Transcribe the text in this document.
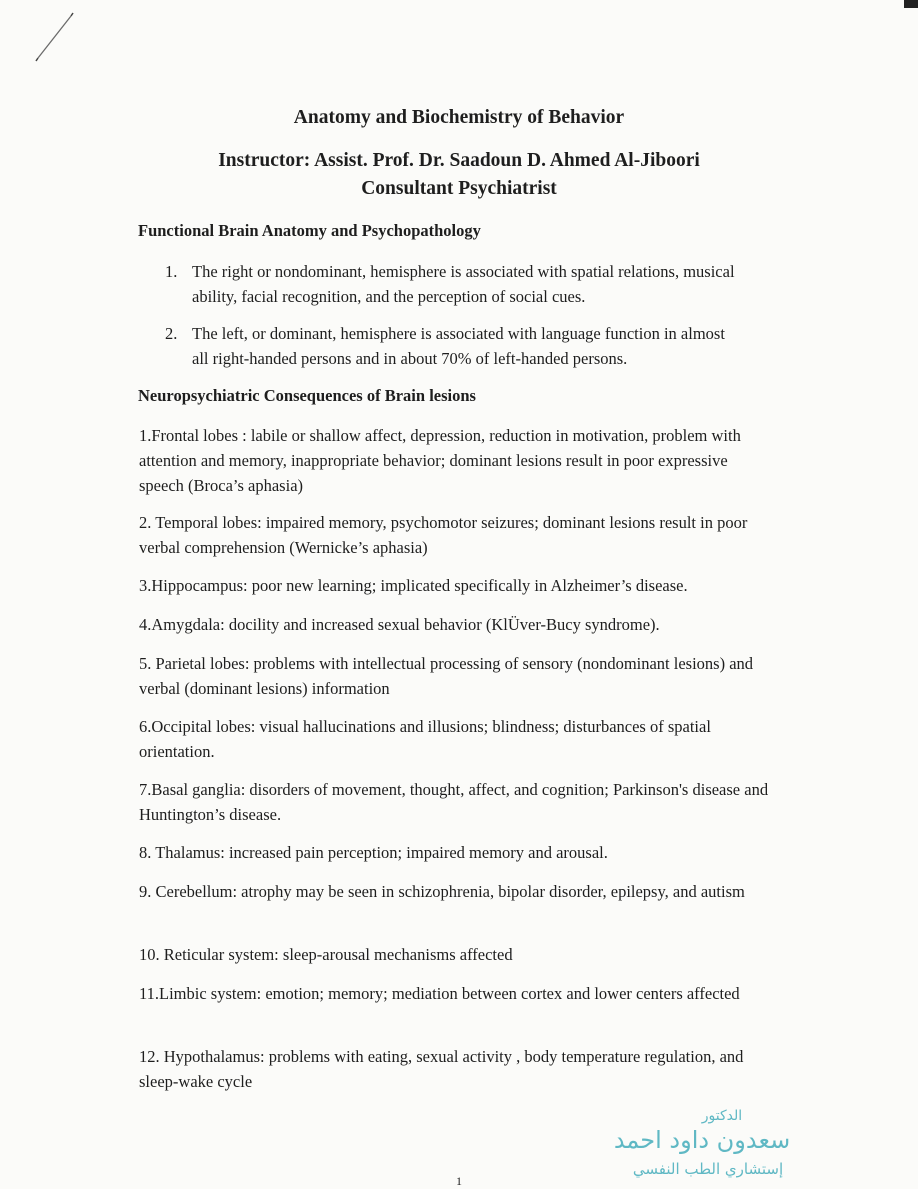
Anatomy and Biochemistry of Behavior
Instructor: Assist. Prof. Dr. Saadoun D. Ahmed Al-Jiboori
Consultant Psychiatrist
Functional Brain Anatomy and Psychopathology
1. The right or nondominant, hemisphere is associated with spatial relations, musical ability, facial recognition, and the perception of social cues.
2. The left, or dominant, hemisphere is associated with language function in almost all right-handed persons and in about 70% of left-handed persons.
Neuropsychiatric Consequences of Brain lesions

1.Frontal lobes : labile or shallow affect, depression, reduction in motivation, problem with attention and memory, inappropriate behavior; dominant lesions result in poor expressive speech (Broca’s aphasia)

2. Temporal lobes: impaired memory, psychomotor seizures; dominant lesions result in poor verbal comprehension (Wernicke’s aphasia)

3.Hippocampus: poor new learning; implicated specifically in Alzheimer’s disease.

4.Amygdala: docility and increased sexual behavior (KlÜver-Bucy syndrome).

5. Parietal lobes: problems with intellectual processing of sensory (nondominant lesions) and verbal (dominant lesions) information

6.Occipital lobes: visual hallucinations and illusions; blindness; disturbances of spatial orientation.

7.Basal ganglia: disorders of movement, thought, affect, and cognition; Parkinson's disease and Huntington’s disease.

8. Thalamus: increased pain perception; impaired memory and arousal.

9. Cerebellum: atrophy may be seen in schizophrenia, bipolar disorder, epilepsy, and autism

10. Reticular system: sleep-arousal mechanisms affected

11.Limbic system: emotion; memory; mediation between cortex and lower centers affected

12. Hypothalamus: problems with eating, sexual activity , body temperature regulation, and sleep-wake cycle

الدكتور
سعدون داود احمد
إستشاري الطب النفسي
1
